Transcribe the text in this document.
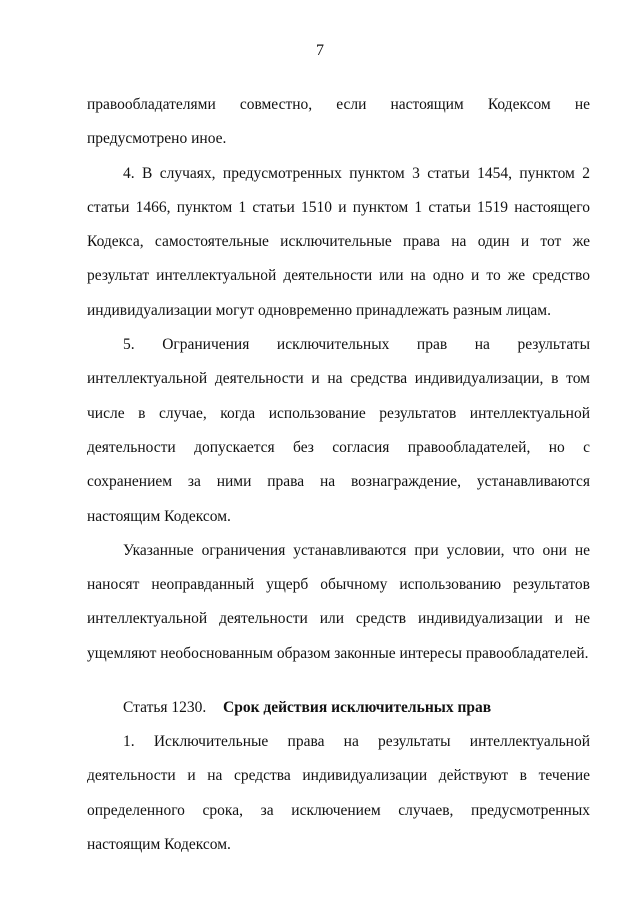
7

правообладателями совместно, если настоящим Кодексом не предусмотрено иное.

4. В случаях, предусмотренных пунктом 3 статьи 1454, пунктом 2 статьи 1466, пунктом 1 статьи 1510 и пунктом 1 статьи 1519 настоящего Кодекса, самостоятельные исключительные права на один и тот же результат интеллектуальной деятельности или на одно и то же средство индивидуализации могут одновременно принадлежать разным лицам.

5. Ограничения исключительных прав на результаты интеллектуальной деятельности и на средства индивидуализации, в том числе в случае, когда использование результатов интеллектуальной деятельности допускается без согласия правообладателей, но с сохранением за ними права на вознаграждение, устанавливаются настоящим Кодексом.

Указанные ограничения устанавливаются при условии, что они не наносят неоправданный ущерб обычному использованию результатов интеллектуальной деятельности или средств индивидуализации и не ущемляют необоснованным образом законные интересы правообладателей.

Статья 1230. Срок действия исключительных прав

1. Исключительные права на результаты интеллектуальной деятельности и на средства индивидуализации действуют в течение определенного срока, за исключением случаев, предусмотренных настоящим Кодексом.
